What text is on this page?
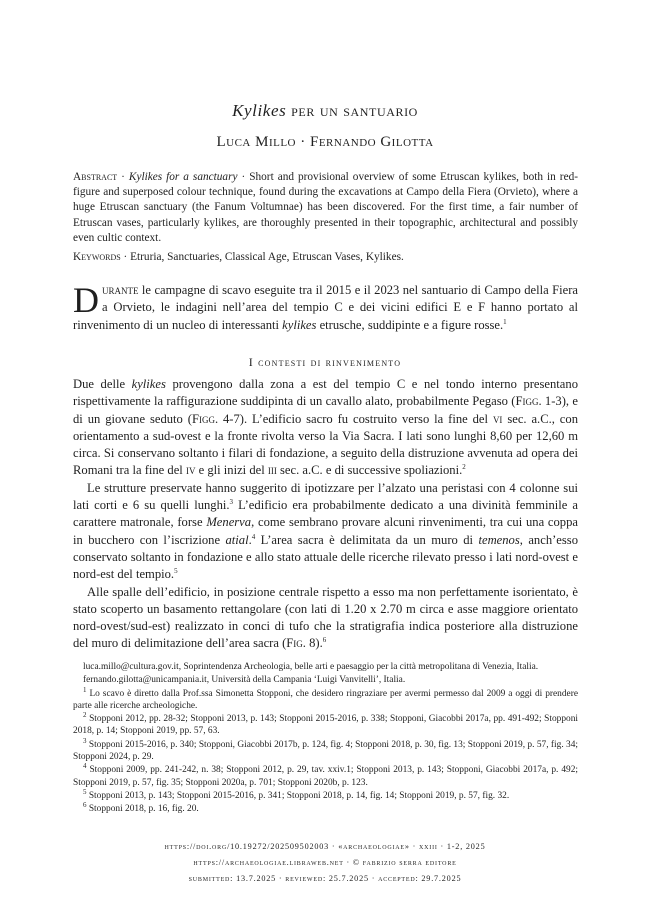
Kylikes per un santuario
Luca Millo · Fernando Gilotta

Abstract · Kylikes for a sanctuary · Short and provisional overview of some Etruscan kylikes, both in red-figure and superposed colour technique, found during the excavations at Campo della Fiera (Orvieto), where a huge Etruscan sanctuary (the Fanum Voltumnae) has been discovered. For the first time, a fair number of Etruscan vases, particularly kylikes, are thoroughly presented in their topographic, architectural and possibly even cultic context.

Keywords · Etruria, Sanctuaries, Classical Age, Etruscan Vases, Kylikes.

Durante le campagne di scavo eseguite tra il 2015 e il 2023 nel santuario di Campo della Fiera a Orvieto, le indagini nell’area del tempio C e dei vicini edifici E e F hanno portato al rinvenimento di un nucleo di interessanti kylikes etrusche, suddipinte e a figure rosse.$^1$

I contesti di rinvenimento

Due delle kylikes provengono dalla zona a est del tempio C e nel tondo interno presentano rispettivamente la raffigurazione suddipinta di un cavallo alato, probabilmente Pegaso (Figg. 1-3), e di un giovane seduto (Figg. 4-7). L’edificio sacro fu costruito verso la fine del vi sec. a.C., con orientamento a sud-ovest e la fronte rivolta verso la Via Sacra. I lati sono lunghi 8,60 per 12,60 m circa. Si conservano soltanto i filari di fondazione, a seguito della distruzione avvenuta ad opera dei Romani tra la fine del iv e gli inizi del iii sec. a.C. e di successive spoliazioni.$^2$

Le strutture preservate hanno suggerito di ipotizzare per l’alzato una peristasi con 4 colonne sui lati corti e 6 su quelli lunghi.$^3$ L’edificio era probabilmente dedicato a una divinità femminile a carattere matronale, forse Menerva, come sembrano provare alcuni rinvenimenti, tra cui una coppa in bucchero con l’iscrizione atial.$^4$ L’area sacra è delimitata da un muro di temenos, anch’esso conservato soltanto in fondazione e allo stato attuale delle ricerche rilevato presso i lati nord-ovest e nord-est del tempio.$^5$

Alle spalle dell’edificio, in posizione centrale rispetto a esso ma non perfettamente isorientato, è stato scoperto un basamento rettangolare (con lati di 1.20 x 2.70 m circa e asse maggiore orientato nord-ovest/sud-est) realizzato in conci di tufo che la stratigrafia indica posteriore alla distruzione del muro di delimitazione dell’area sacra (Fig. 8).$^6$

luca.millo@cultura.gov.it, Soprintendenza Archeologia, belle arti e paesaggio per la città metropolitana di Venezia, Italia.

fernando.gilotta@unicampania.it, Università della Campania ‘Luigi Vanvitelli’, Italia.

$^1$ Lo scavo è diretto dalla Prof.ssa Simonetta Stopponi, che desidero ringraziare per avermi permesso dal 2009 a oggi di prendere parte alle ricerche archeologiche.

$^2$ Stopponi 2012, pp. 28-32; Stopponi 2013, p. 143; Stopponi 2015-2016, p. 338; Stopponi, Giacobbi 2017a, pp. 491-492; Stopponi 2018, p. 14; Stopponi 2019, pp. 57, 63.

$^3$ Stopponi 2015-2016, p. 340; Stopponi, Giacobbi 2017b, p. 124, fig. 4; Stopponi 2018, p. 30, fig. 13; Stopponi 2019, p. 57, fig. 34; Stopponi 2024, p. 29.

$^4$ Stopponi 2009, pp. 241-242, n. 38; Stopponi 2012, p. 29, tav. xxiv.1; Stopponi 2013, p. 143; Stopponi, Giacobbi 2017a, p. 492; Stopponi 2019, p. 57, fig. 35; Stopponi 2020a, p. 701; Stopponi 2020b, p. 123.

$^5$ Stopponi 2013, p. 143; Stopponi 2015-2016, p. 341; Stopponi 2018, p. 14, fig. 14; Stopponi 2019, p. 57, fig. 32.

$^6$ Stopponi 2018, p. 16, fig. 20.

https://doi.org/10.19272/202509502003 · «archaeologiae» · xxiii · 1-2, 2025
https://archaeologiae.libraweb.net · © fabrizio serra editore
submitted: 13.7.2025 · reviewed: 25.7.2025 · accepted: 29.7.2025
